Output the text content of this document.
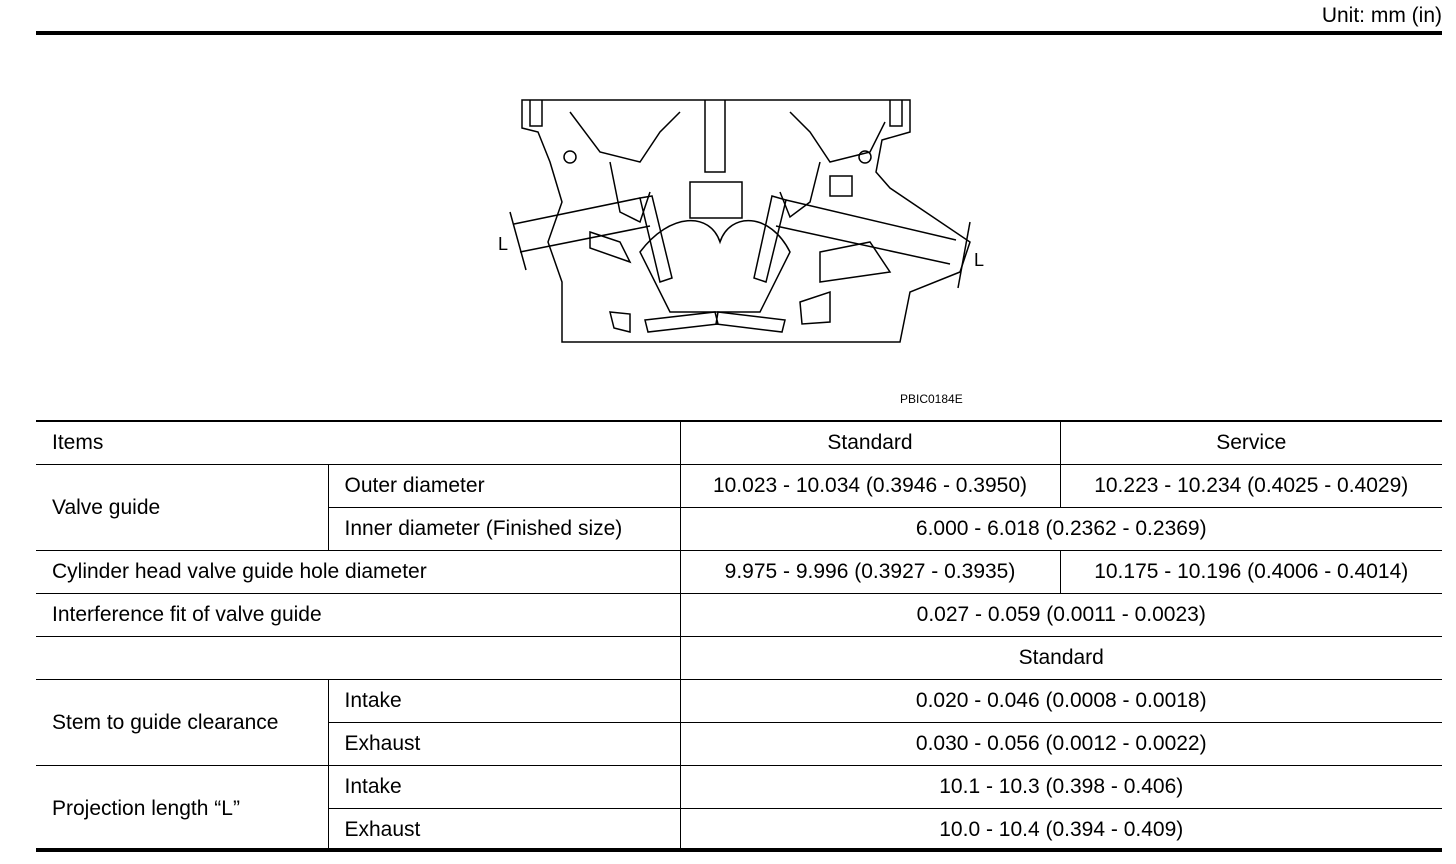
Unit: mm (in)
L
L
PBIC0184E
Items		Standard	Service
Valve guide	Outer diameter	10.023 - 10.034 (0.3946 - 0.3950)	10.223 - 10.234 (0.4025 - 0.4029)
	Inner diameter (Finished size)	6.000 - 6.018 (0.2362 - 0.2369)	
Cylinder head valve guide hole diameter		9.975 - 9.996 (0.3927 - 0.3935)	10.175 - 10.196 (0.4006 - 0.4014)
Interference fit of valve guide		0.027 - 0.059 (0.0011 - 0.0023)	
		Standard	
Stem to guide clearance	Intake	0.020 - 0.046 (0.0008 - 0.0018)	
	Exhaust	0.030 - 0.056 (0.0012 - 0.0022)	
Projection length “L”	Intake	10.1 - 10.3 (0.398 - 0.406)	
	Exhaust	10.0 - 10.4 (0.394 - 0.409)	
